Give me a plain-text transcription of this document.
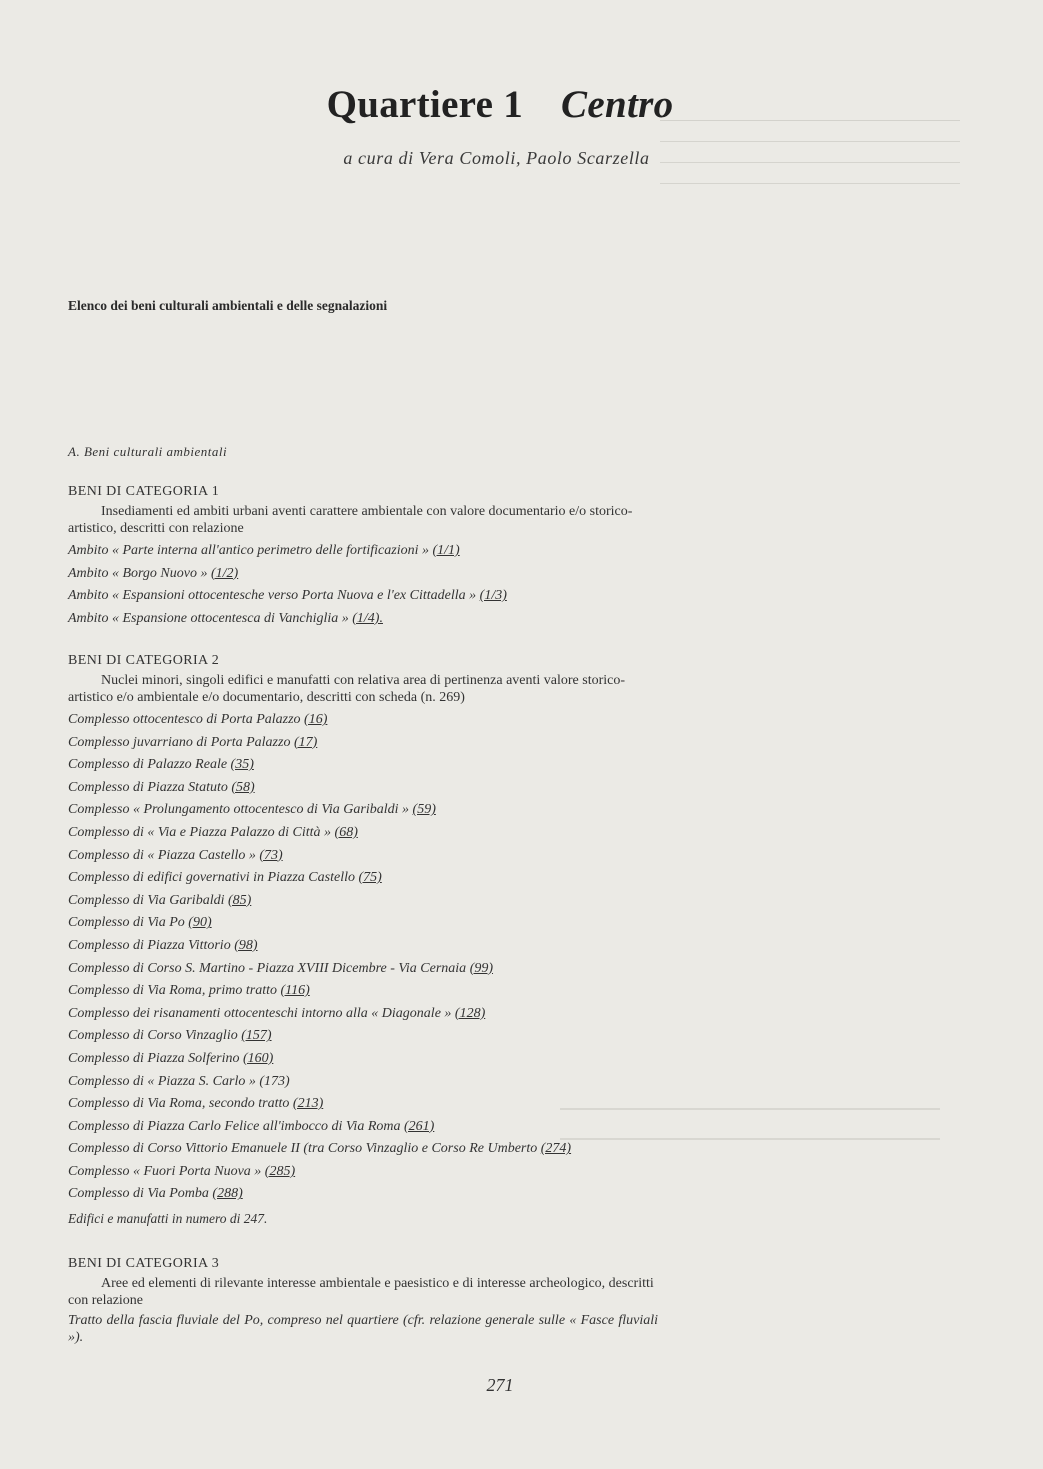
Quartiere 1 Centro
a cura di Vera Comoli, Paolo Scarzella
Elenco dei beni culturali ambientali e delle segnalazioni
A. Beni culturali ambientali
BENI DI CATEGORIA 1
Insediamenti ed ambiti urbani aventi carattere ambientale con valore documentario e/o storico-artistico, descritti con relazione
Ambito « Parte interna all'antico perimetro delle fortificazioni » (1/1)
Ambito « Borgo Nuovo » (1/2)
Ambito « Espansioni ottocentesche verso Porta Nuova e l'ex Cittadella » (1/3)
Ambito « Espansione ottocentesca di Vanchiglia » (1/4).
BENI DI CATEGORIA 2
Nuclei minori, singoli edifici e manufatti con relativa area di pertinenza aventi valore storico-artistico e/o ambientale e/o documentario, descritti con scheda (n. 269)
Complesso ottocentesco di Porta Palazzo (16)
Complesso juvarriano di Porta Palazzo (17)
Complesso di Palazzo Reale (35)
Complesso di Piazza Statuto (58)
Complesso « Prolungamento ottocentesco di Via Garibaldi » (59)
Complesso di « Via e Piazza Palazzo di Città » (68)
Complesso di « Piazza Castello » (73)
Complesso di edifici governativi in Piazza Castello (75)
Complesso di Via Garibaldi (85)
Complesso di Via Po (90)
Complesso di Piazza Vittorio (98)
Complesso di Corso S. Martino - Piazza XVIII Dicembre - Via Cernaia (99)
Complesso di Via Roma, primo tratto (116)
Complesso dei risanamenti ottocenteschi intorno alla « Diagonale » (128)
Complesso di Corso Vinzaglio (157)
Complesso di Piazza Solferino (160)
Complesso di « Piazza S. Carlo » (173)
Complesso di Via Roma, secondo tratto (213)
Complesso di Piazza Carlo Felice all'imbocco di Via Roma (261)
Complesso di Corso Vittorio Emanuele II (tra Corso Vinzaglio e Corso Re Umberto (274)
Complesso « Fuori Porta Nuova » (285)
Complesso di Via Pomba (288)
Edifici e manufatti in numero di 247.
BENI DI CATEGORIA 3
Aree ed elementi di rilevante interesse ambientale e paesistico e di interesse archeologico, descritti con relazione
Tratto della fascia fluviale del Po, compreso nel quartiere (cfr. relazione generale sulle « Fasce fluviali »).
271
